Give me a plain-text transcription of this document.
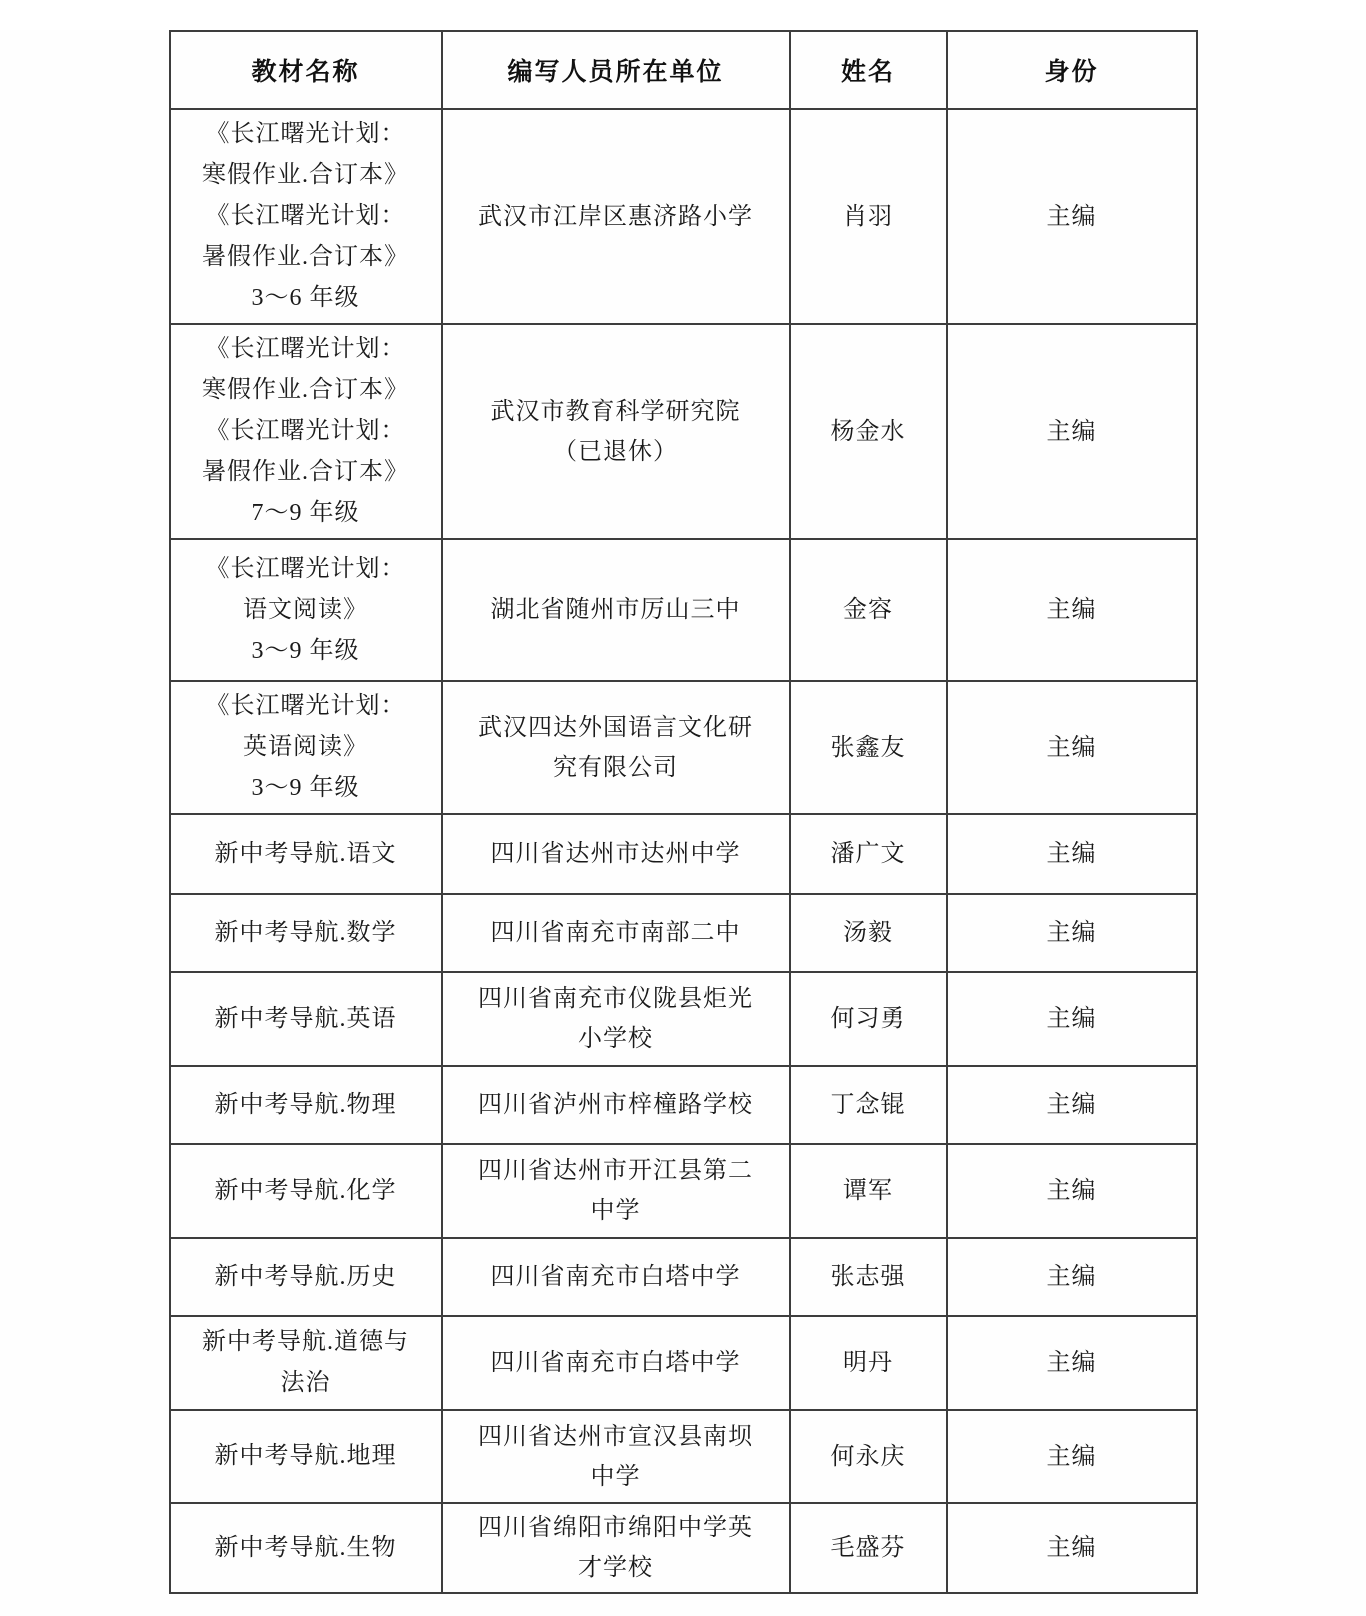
教材名称	编写人员所在单位	姓名	身份

《长江曙光计划：
寒假作业.合订本》
《长江曙光计划：
暑假作业.合订本》
3～6 年级	武汉市江岸区惠济路小学	肖羽	主编

《长江曙光计划：
寒假作业.合订本》
《长江曙光计划：
暑假作业.合订本》
7～9 年级	武汉市教育科学研究院
（已退休）	杨金水	主编

《长江曙光计划：
语文阅读》
3～9 年级	湖北省随州市厉山三中	金容	主编

《长江曙光计划：
英语阅读》
3～9 年级	武汉四达外国语言文化研
究有限公司	张鑫友	主编

新中考导航.语文	四川省达州市达州中学	潘广文	主编

新中考导航.数学	四川省南充市南部二中	汤毅	主编

新中考导航.英语	四川省南充市仪陇县炬光
小学校	何习勇	主编

新中考导航.物理	四川省泸州市梓橦路学校	丁念锟	主编

新中考导航.化学	四川省达州市开江县第二
中学	谭军	主编

新中考导航.历史	四川省南充市白塔中学	张志强	主编

新中考导航.道德与
法治	四川省南充市白塔中学	明丹	主编

新中考导航.地理	四川省达州市宣汉县南坝
中学	何永庆	主编

新中考导航.生物	四川省绵阳市绵阳中学英
才学校	毛盛芬	主编
